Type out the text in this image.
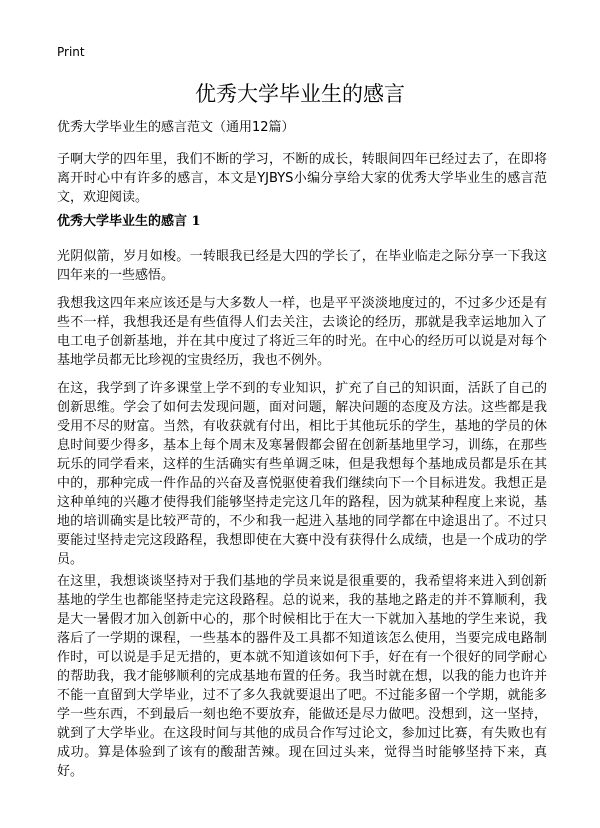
Print
优秀大学毕业生的感言

优秀大学毕业生的感言范文（通用12篇）

子啊大学的四年里，我们不断的学习，不断的成长，转眼间四年已经过去了，在即将离开时心中有许多的感言，本文是YJBYS小编分享给大家的优秀大学毕业生的感言范文，欢迎阅读。

优秀大学毕业生的感言 1

光阴似箭，岁月如梭。一转眼我已经是大四的学长了，在毕业临走之际分享一下我这四年来的一些感悟。

我想我这四年来应该还是与大多数人一样，也是平平淡淡地度过的，不过多少还是有些不一样，我想我还是有些值得人们去关注，去谈论的经历，那就是我幸运地加入了电工电子创新基地，并在其中度过了将近三年的时光。在中心的经历可以说是对每个基地学员都无比珍视的宝贵经历，我也不例外。

在这，我学到了许多课堂上学不到的专业知识，扩充了自己的知识面，活跃了自己的创新思维。学会了如何去发现问题，面对问题，解决问题的态度及方法。这些都是我受用不尽的财富。当然，有收获就有付出，相比于其他玩乐的学生，基地的学员的休息时间要少得多，基本上每个周末及寒暑假都会留在创新基地里学习，训练，在那些玩乐的同学看来，这样的生活确实有些单调乏味，但是我想每个基地成员都是乐在其中的，那种完成一件作品的兴奋及喜悦驱使着我们继续向下一个目标进发。我想正是这种单纯的兴趣才使得我们能够坚持走完这几年的路程，因为就某种程度上来说，基地的培训确实是比较严苛的，不少和我一起进入基地的同学都在中途退出了。不过只要能过坚持走完这段路程，我想即使在大赛中没有获得什么成绩，也是一个成功的学员。

在这里，我想谈谈坚持对于我们基地的学员来说是很重要的，我希望将来进入到创新基地的学生也都能坚持走完这段路程。总的说来，我的基地之路走的并不算顺利，我是大一暑假才加入创新中心的，那个时候相比于在大一下就加入基地的学生来说，我落后了一学期的课程，一些基本的器件及工具都不知道该怎么使用，当要完成电路制作时，可以说是手足无措的，更本就不知道该如何下手，好在有一个很好的同学耐心的帮助我，我才能够顺利的完成基地布置的任务。我当时就在想，以我的能力也许并不能一直留到大学毕业，过不了多久我就要退出了吧。不过能多留一个学期，就能多学一些东西，不到最后一刻也绝不要放弃，能做还是尽力做吧。没想到，这一坚持，就到了大学毕业。在这段时间与其他的成员合作写过论文，参加过比赛，有失败也有成功。算是体验到了该有的酸甜苦辣。现在回过头来，觉得当时能够坚持下来，真好。
